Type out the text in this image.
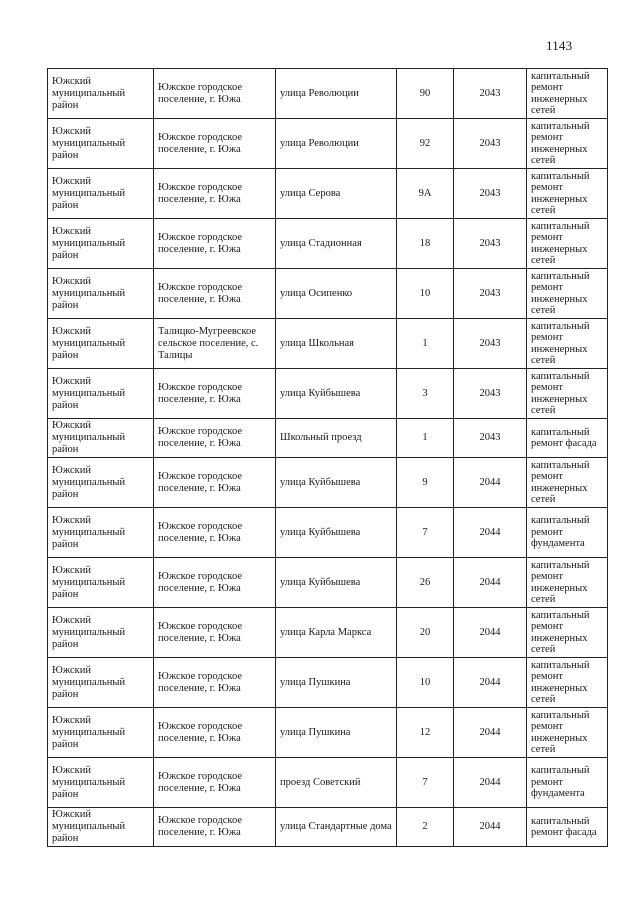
1143
Южский муниципальный район	Южское городское поселение, г. Южа	улица Революции	90	2043	капитальный ремонт инженерных сетей
Южский муниципальный район	Южское городское поселение, г. Южа	улица Революции	92	2043	капитальный ремонт инженерных сетей
Южский муниципальный район	Южское городское поселение, г. Южа	улица Серова	9А	2043	капитальный ремонт инженерных сетей
Южский муниципальный район	Южское городское поселение, г. Южа	улица Стадионная	18	2043	капитальный ремонт инженерных сетей
Южский муниципальный район	Южское городское поселение, г. Южа	улица Осипенко	10	2043	капитальный ремонт инженерных сетей
Южский муниципальный район	Талицко-Мугреевское сельское поселение, с. Талицы	улица Школьная	1	2043	капитальный ремонт инженерных сетей
Южский муниципальный район	Южское городское поселение, г. Южа	улица Куйбышева	3	2043	капитальный ремонт инженерных сетей
Южский муниципальный район	Южское городское поселение, г. Южа	Школьный проезд	1	2043	капитальный ремонт фасада
Южский муниципальный район	Южское городское поселение, г. Южа	улица Куйбышева	9	2044	капитальный ремонт инженерных сетей
Южский муниципальный район	Южское городское поселение, г. Южа	улица Куйбышева	7	2044	капитальный ремонт фундамента
Южский муниципальный район	Южское городское поселение, г. Южа	улица Куйбышева	26	2044	капитальный ремонт инженерных сетей
Южский муниципальный район	Южское городское поселение, г. Южа	улица Карла Маркса	20	2044	капитальный ремонт инженерных сетей
Южский муниципальный район	Южское городское поселение, г. Южа	улица Пушкина	10	2044	капитальный ремонт инженерных сетей
Южский муниципальный район	Южское городское поселение, г. Южа	улица Пушкина	12	2044	капитальный ремонт инженерных сетей
Южский муниципальный район	Южское городское поселение, г. Южа	проезд Советский	7	2044	капитальный ремонт фундамента
Южский муниципальный район	Южское городское поселение, г. Южа	улица Стандартные дома	2	2044	капитальный ремонт фасада
